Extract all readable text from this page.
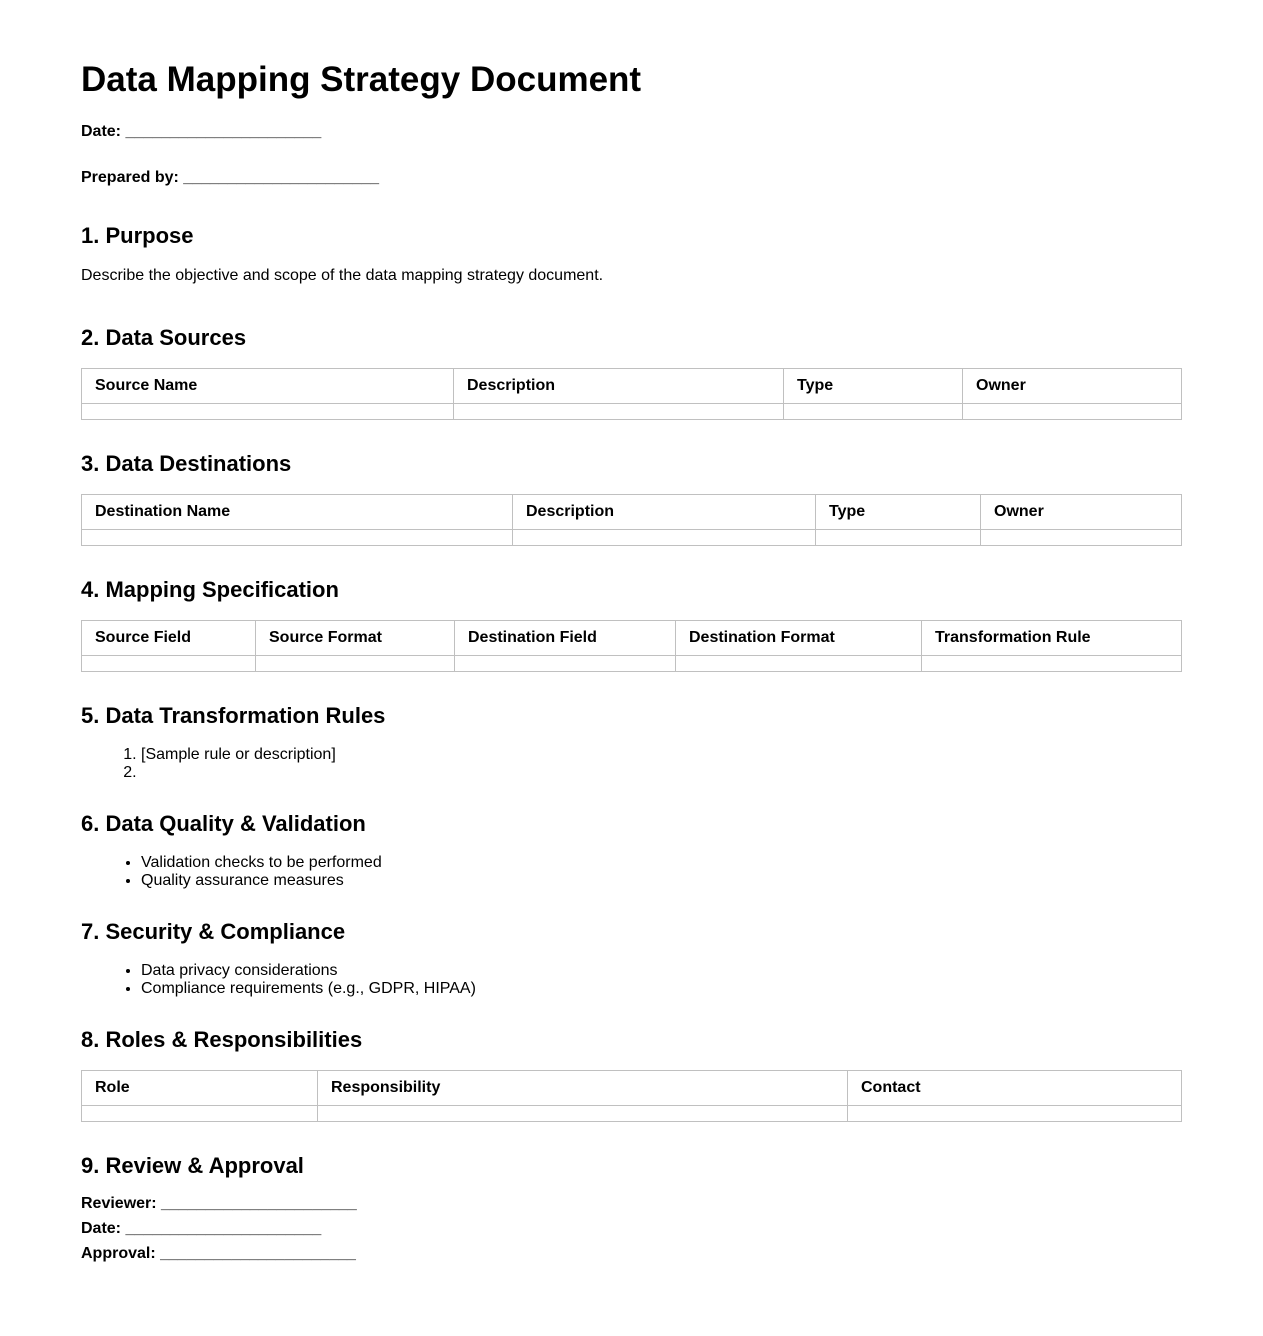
Data Mapping Strategy Document

Date: ______________________

Prepared by: ______________________

1. Purpose

Describe the objective and scope of the data mapping strategy document.

2. Data Sources
Source Name	Description	Type	Owner

3. Data Destinations
Destination Name	Description	Type	Owner

4. Mapping Specification
Source Field	Source Format	Destination Field	Destination Format	Transformation Rule

5. Data Transformation Rules
1. [Sample rule or description]
2.
6. Data Quality & Validation
• Validation checks to be performed
• Quality assurance measures
7. Security & Compliance
• Data privacy considerations
• Compliance requirements (e.g., GDPR, HIPAA)
8. Roles & Responsibilities
Role	Responsibility	Contact

9. Review & Approval

Reviewer: ______________________

Date: ______________________

Approval: ______________________
